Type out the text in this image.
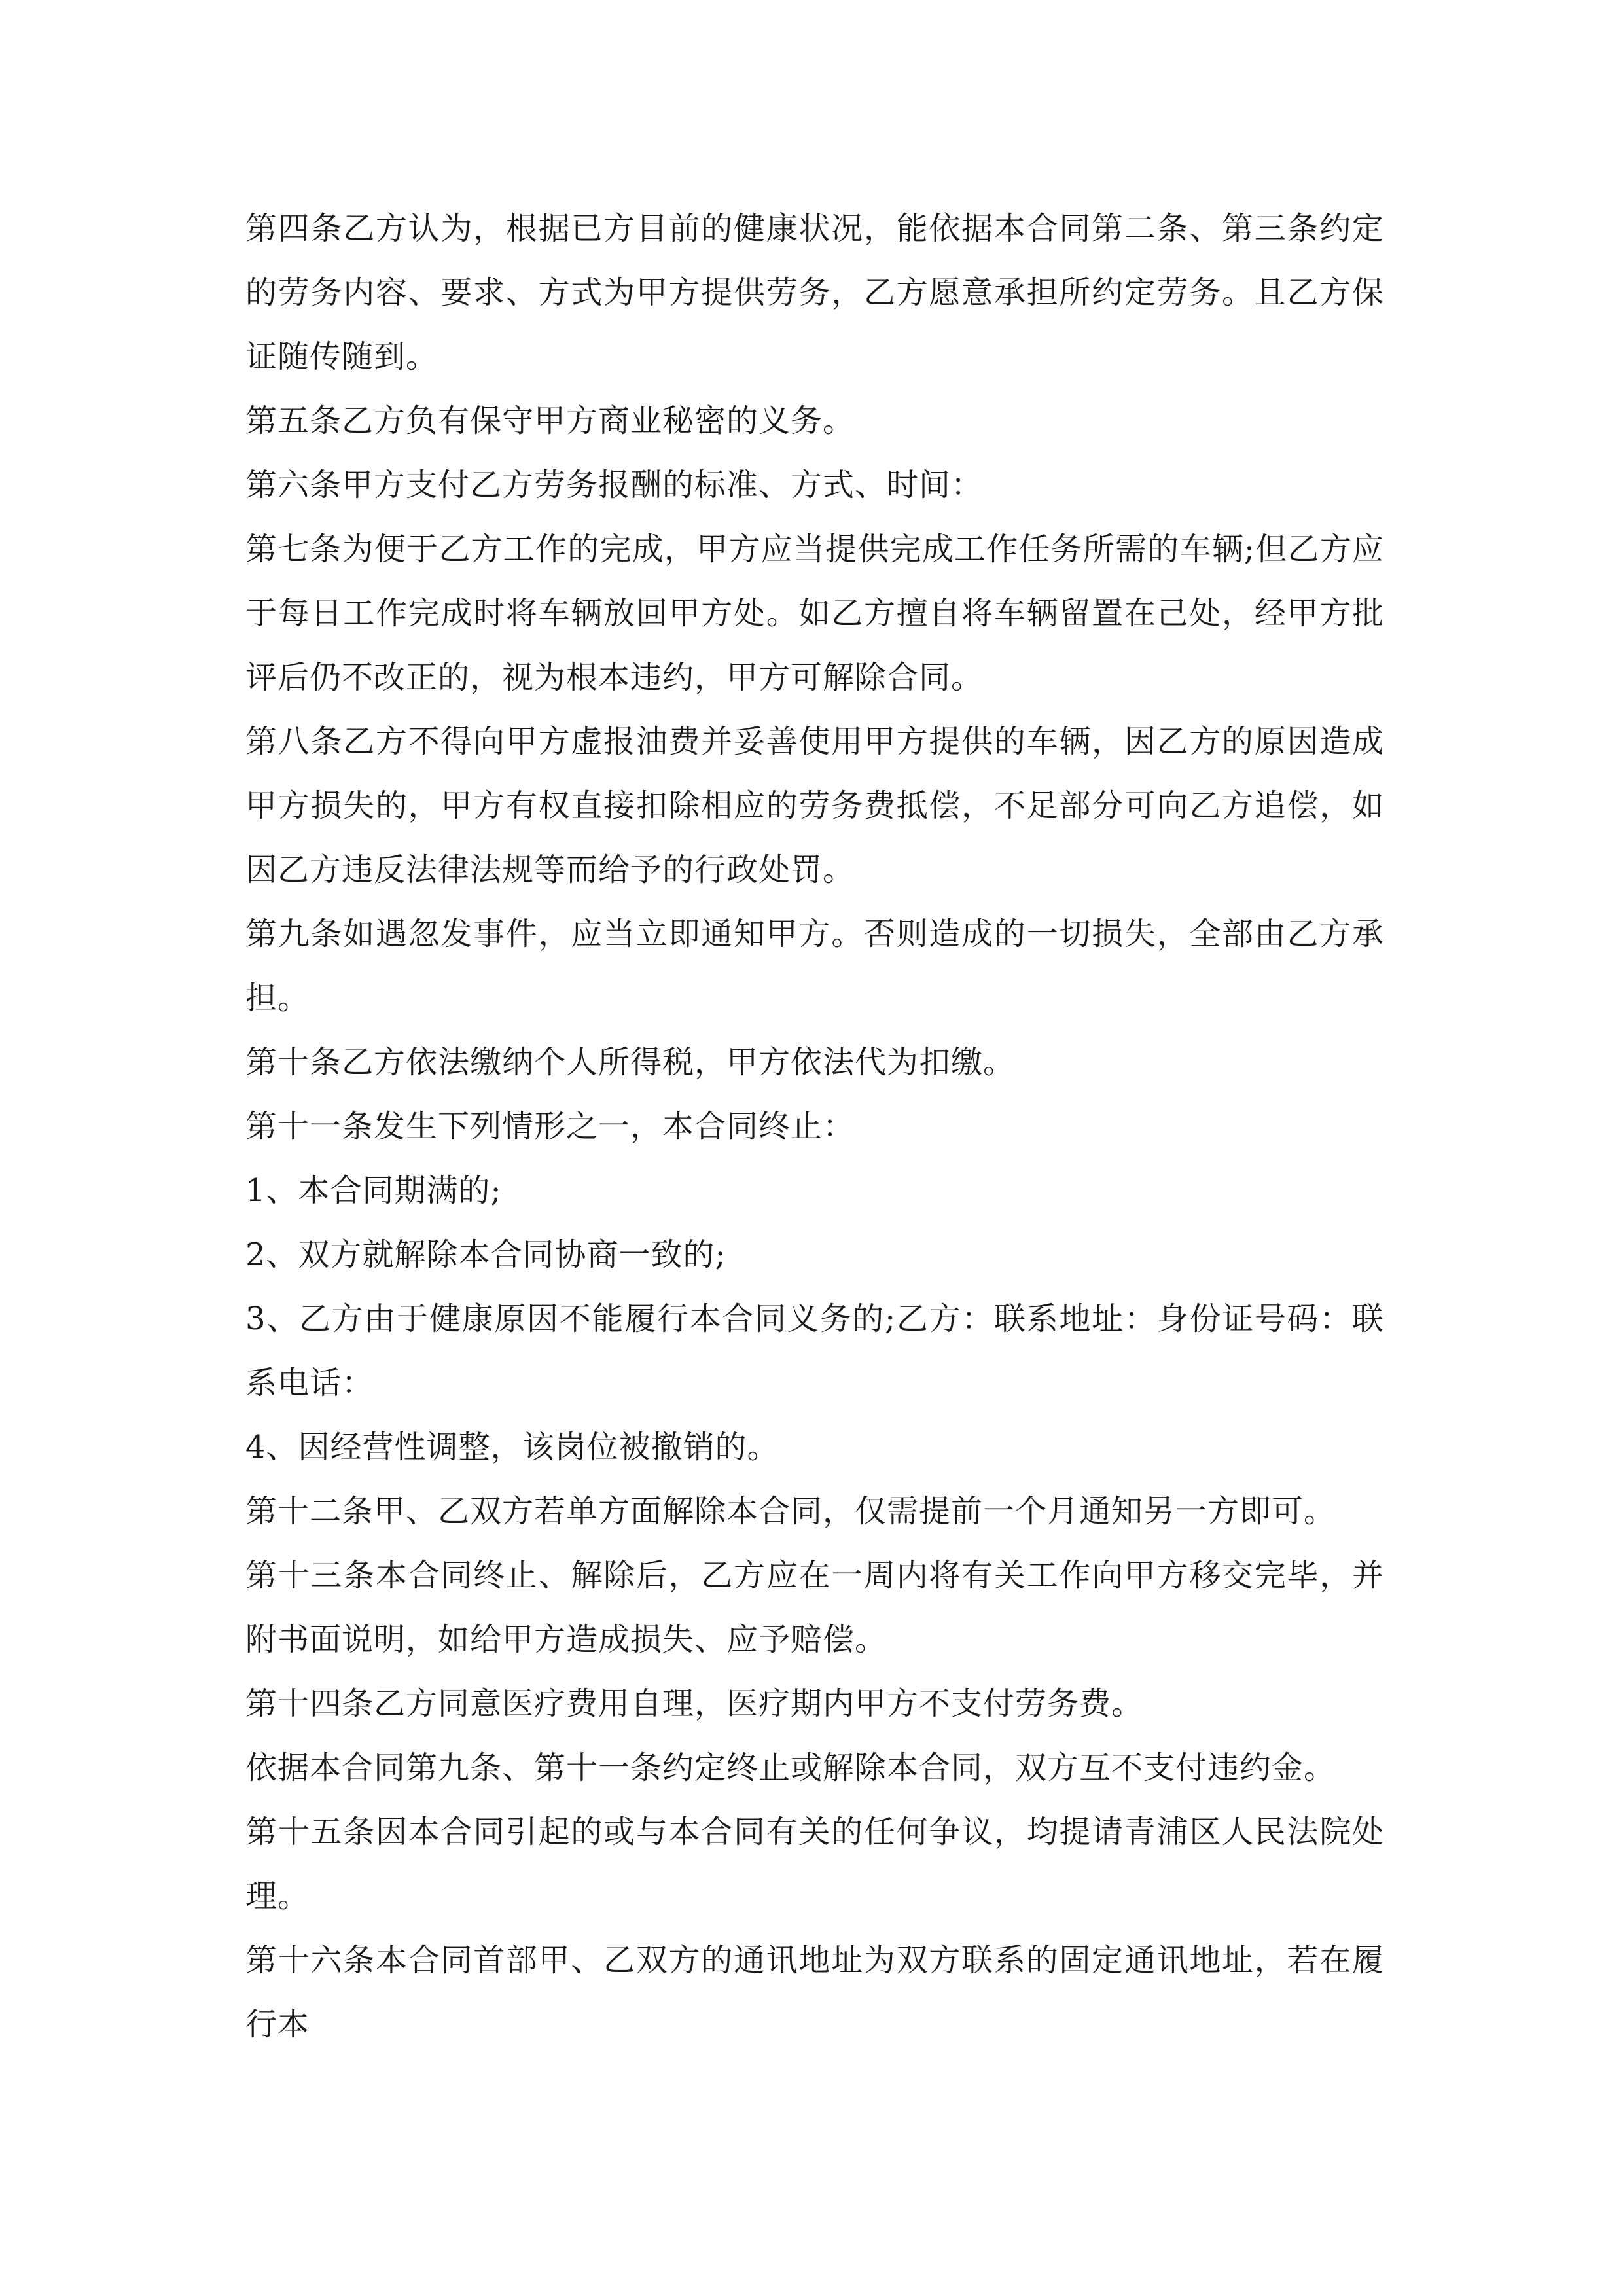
第四条乙方认为，根据已方目前的健康状况，能依据本合同第二条、第三条约定的劳务内容、要求、方式为甲方提供劳务，乙方愿意承担所约定劳务。且乙方保证随传随到。

第五条乙方负有保守甲方商业秘密的义务。

第六条甲方支付乙方劳务报酬的标准、方式、时间：

第七条为便于乙方工作的完成，甲方应当提供完成工作任务所需的车辆;但乙方应于每日工作完成时将车辆放回甲方处。如乙方擅自将车辆留置在己处，经甲方批评后仍不改正的，视为根本违约，甲方可解除合同。

第八条乙方不得向甲方虚报油费并妥善使用甲方提供的车辆，因乙方的原因造成甲方损失的，甲方有权直接扣除相应的劳务费抵偿，不足部分可向乙方追偿，如因乙方违反法律法规等而给予的行政处罚。

第九条如遇忽发事件，应当立即通知甲方。否则造成的一切损失，全部由乙方承担。

第十条乙方依法缴纳个人所得税，甲方依法代为扣缴。

第十一条发生下列情形之一，本合同终止：

1、本合同期满的;

2、双方就解除本合同协商一致的;

3、乙方由于健康原因不能履行本合同义务的;乙方：联系地址：身份证号码：联系电话：

4、因经营性调整，该岗位被撤销的。

第十二条甲、乙双方若单方面解除本合同，仅需提前一个月通知另一方即可。

第十三条本合同终止、解除后，乙方应在一周内将有关工作向甲方移交完毕，并附书面说明，如给甲方造成损失、应予赔偿。

第十四条乙方同意医疗费用自理，医疗期内甲方不支付劳务费。

依据本合同第九条、第十一条约定终止或解除本合同，双方互不支付违约金。

第十五条因本合同引起的或与本合同有关的任何争议，均提请青浦区人民法院处理。

第十六条本合同首部甲、乙双方的通讯地址为双方联系的固定通讯地址，若在履行本
